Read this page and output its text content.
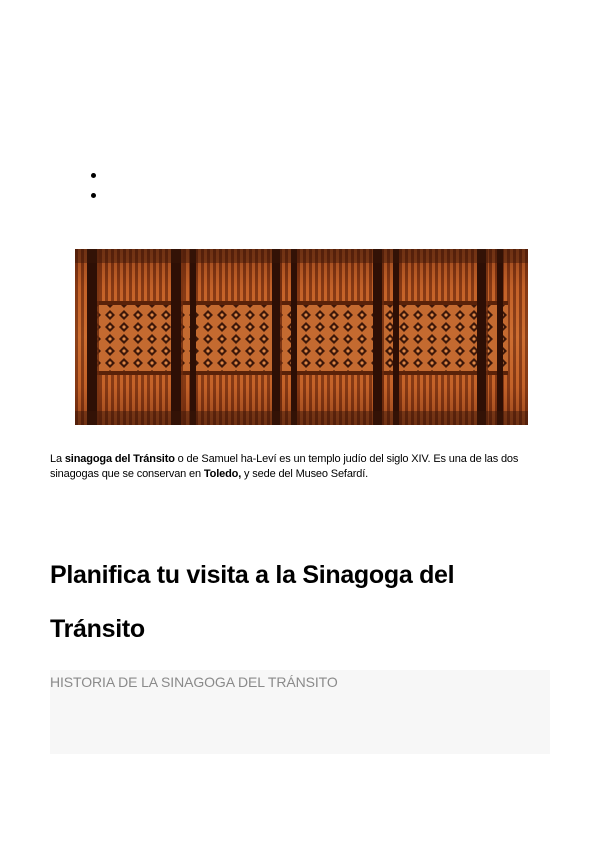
La sinagoga del Tránsito o de Samuel ha-Leví es un templo judío del siglo XIV. Es una de las dos sinagogas que se conservan en Toledo, y sede del Museo Sefardí.

Planifica tu visita a la Sinagoga del Tránsito
HISTORIA DE LA SINAGOGA DEL TRÁNSITO
